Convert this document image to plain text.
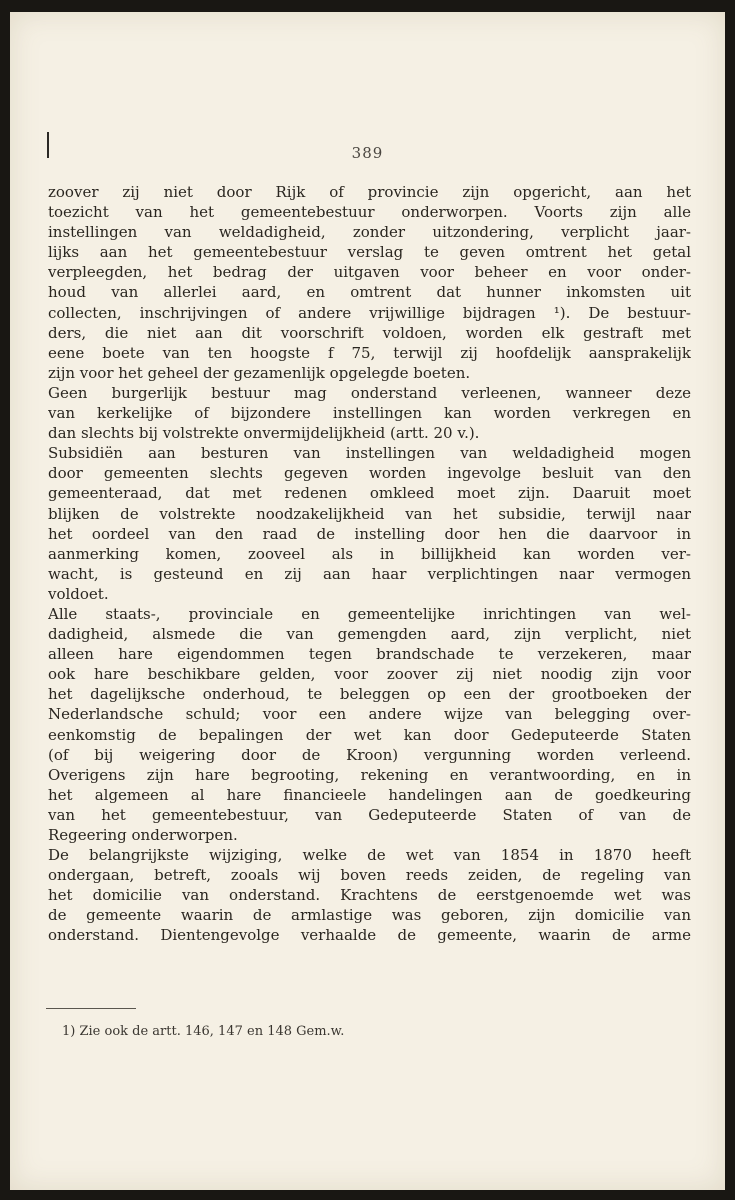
389
zoover zij niet door Rijk of provincie zijn opgericht, aan het
toezicht van het gemeentebestuur onderworpen. Voorts zijn alle
instellingen van weldadigheid, zonder uitzondering, verplicht jaar-
lijks aan het gemeentebestuur verslag te geven omtrent het getal
verpleegden, het bedrag der uitgaven voor beheer en voor onder-
houd van allerlei aard, en omtrent dat hunner inkomsten uit
collecten, inschrijvingen of andere vrijwillige bijdragen ¹). De bestuur-
ders, die niet aan dit voorschrift voldoen, worden elk gestraft met
eene boete van ten hoogste f 75, terwijl zij hoofdelijk aansprakelijk
zijn voor het geheel der gezamenlijk opgelegde boeten.
Geen burgerlijk bestuur mag onderstand verleenen, wanneer deze
van kerkelijke of bijzondere instellingen kan worden verkregen en
dan slechts bij volstrekte onvermijdelijkheid (artt. 20 v.).
Subsidiën aan besturen van instellingen van weldadigheid mogen
door gemeenten slechts gegeven worden ingevolge besluit van den
gemeenteraad, dat met redenen omkleed moet zijn. Daaruit moet
blijken de volstrekte noodzakelijkheid van het subsidie, terwijl naar
het oordeel van den raad de instelling door hen die daarvoor in
aanmerking komen, zooveel als in billijkheid kan worden ver-
wacht, is gesteund en zij aan haar verplichtingen naar vermogen
voldoet.
Alle staats-, provinciale en gemeentelijke inrichtingen van wel-
dadigheid, alsmede die van gemengden aard, zijn verplicht, niet
alleen hare eigendommen tegen brandschade te verzekeren, maar
ook hare beschikbare gelden, voor zoover zij niet noodig zijn voor
het dagelijksche onderhoud, te beleggen op een der grootboeken der
Nederlandsche schuld; voor een andere wijze van belegging over-
eenkomstig de bepalingen der wet kan door Gedeputeerde Staten
(of bij weigering door de Kroon) vergunning worden verleend.
Overigens zijn hare begrooting, rekening en verantwoording, en in
het algemeen al hare financieele handelingen aan de goedkeuring
van het gemeentebestuur, van Gedeputeerde Staten of van de
Regeering onderworpen.
De belangrijkste wijziging, welke de wet van 1854 in 1870 heeft
ondergaan, betreft, zooals wij boven reeds zeiden, de regeling van
het domicilie van onderstand. Krachtens de eerstgenoemde wet was
de gemeente waarin de armlastige was geboren, zijn domicilie van
onderstand. Dientengevolge verhaalde de gemeente, waarin de arme
1) Zie ook de artt. 146, 147 en 148 Gem.w.
